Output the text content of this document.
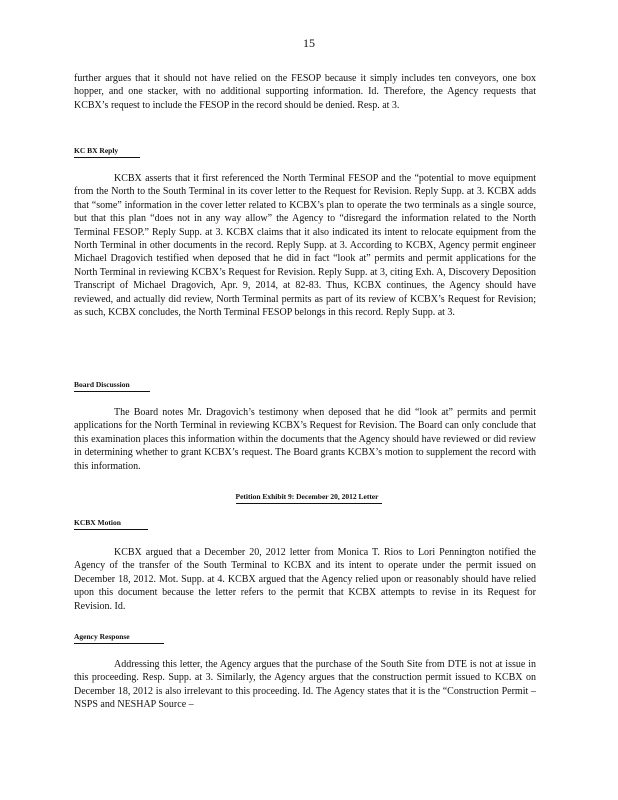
15

further argues that it should not have relied on the FESOP because it simply includes ten conveyors, one box hopper, and one stacker, with no additional supporting information. Id. Therefore, the Agency requests that KCBX’s request to include the FESOP in the record should be denied. Resp. at 3.

KC BX Reply

KCBX asserts that it first referenced the North Terminal FESOP and the “potential to move equipment from the North to the South Terminal in its cover letter to the Request for Revision. Reply Supp. at 3. KCBX adds that “some” information in the cover letter related to KCBX’s plan to operate the two terminals as a single source, but that this plan “does not in any way allow” the Agency to “disregard the information related to the North Terminal FESOP.” Reply Supp. at 3. KCBX claims that it also indicated its intent to relocate equipment from the North Terminal in other documents in the record. Reply Supp. at 3. According to KCBX, Agency permit engineer Michael Dragovich testified when deposed that he did in fact “look at” permits and permit applications for the North Terminal in reviewing KCBX’s Request for Revision. Reply Supp. at 3, citing Exh. A, Discovery Deposition Transcript of Michael Dragovich, Apr. 9, 2014, at 82-83. Thus, KCBX continues, the Agency should have reviewed, and actually did review, North Terminal permits as part of its review of KCBX’s Request for Revision; as such, KCBX concludes, the North Terminal FESOP belongs in this record. Reply Supp. at 3.

Board Discussion

The Board notes Mr. Dragovich’s testimony when deposed that he did “look at” permits and permit applications for the North Terminal in reviewing KCBX’s Request for Revision. The Board can only conclude that this examination places this information within the documents that the Agency should have reviewed or did review in determining whether to grant KCBX’s request. The Board grants KCBX’s motion to supplement the record with this information.

Petition Exhibit 9: December 20, 2012 Letter
KCBX Motion

KCBX argued that a December 20, 2012 letter from Monica T. Rios to Lori Pennington notified the Agency of the transfer of the South Terminal to KCBX and its intent to operate under the permit issued on December 18, 2012. Mot. Supp. at 4. KCBX argued that the Agency relied upon or reasonably should have relied upon this document because the letter refers to the permit that KCBX attempts to revise in its Request for Revision. Id.

Agency Response

Addressing this letter, the Agency argues that the purchase of the South Site from DTE is not at issue in this proceeding. Resp. Supp. at 3. Similarly, the Agency argues that the construction permit issued to KCBX on December 18, 2012 is also irrelevant to this proceeding. Id. The Agency states that it is the “Construction Permit – NSPS and NESHAP Source –
